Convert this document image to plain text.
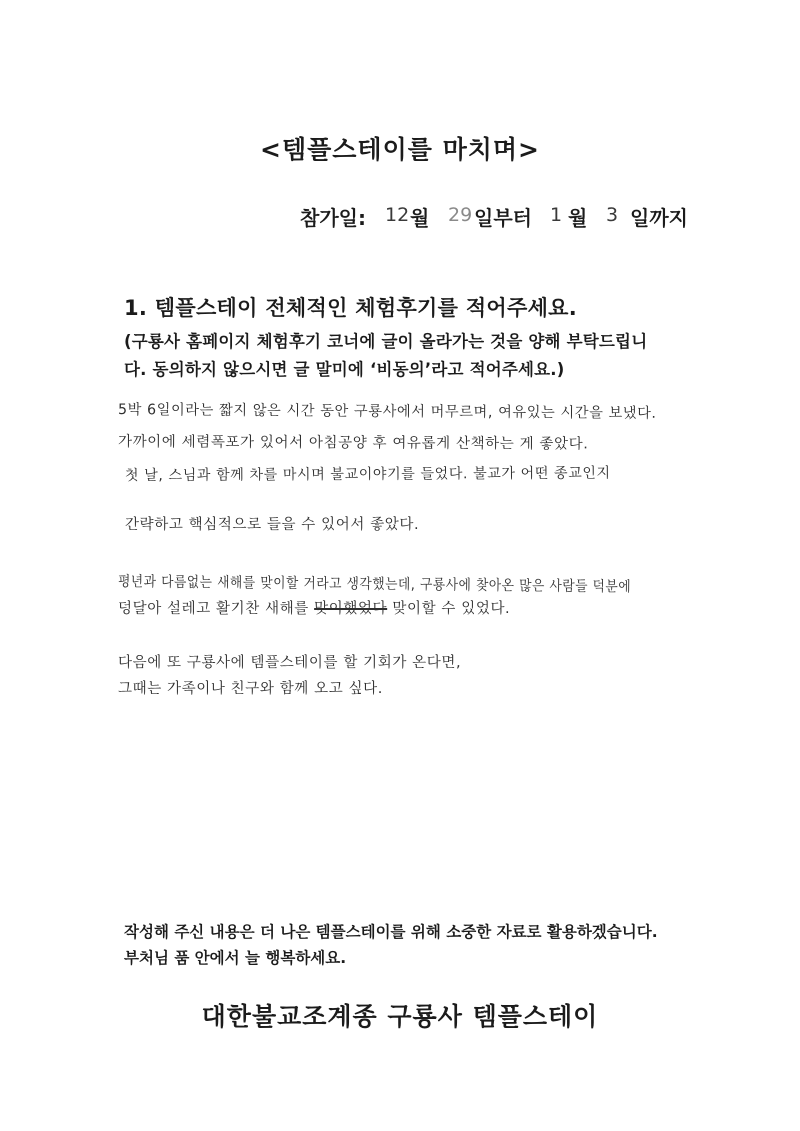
<템플스테이를 마치며>
참가일: 12 월 29 일부터 1 월 3 일까지
1. 템플스테이 전체적인 체험후기를 적어주세요.
(구룡사 홈페이지 체험후기 코너에 글이 올라가는 것을 양해 부탁드립니
다. 동의하지 않으시면 글 말미에 ‘비동의’라고 적어주세요.)
5박 6일이라는 짧지 않은 시간 동안 구룡사에서 머무르며, 여유있는 시간을 보냈다.
가까이에 세렴폭포가 있어서 아침공양 후 여유롭게 산책하는 게 좋았다.
첫 날, 스님과 함께 차를 마시며 불교이야기를 들었다. 불교가 어떤 종교인지
간략하고 핵심적으로 들을 수 있어서 좋았다.
평년과 다름없는 새해를 맞이할 거라고 생각했는데, 구룡사에 찾아온 많은 사람들 덕분에
덩달아 설레고 활기찬 새해를 맞이했었다 맞이할 수 있었다.
다음에 또 구룡사에 템플스테이를 할 기회가 온다면,
그때는 가족이나 친구와 함께 오고 싶다.
작성해 주신 내용은 더 나은 템플스테이를 위해 소중한 자료로 활용하겠습니다.
부처님 품 안에서 늘 행복하세요.
대한불교조계종 구룡사 템플스테이
